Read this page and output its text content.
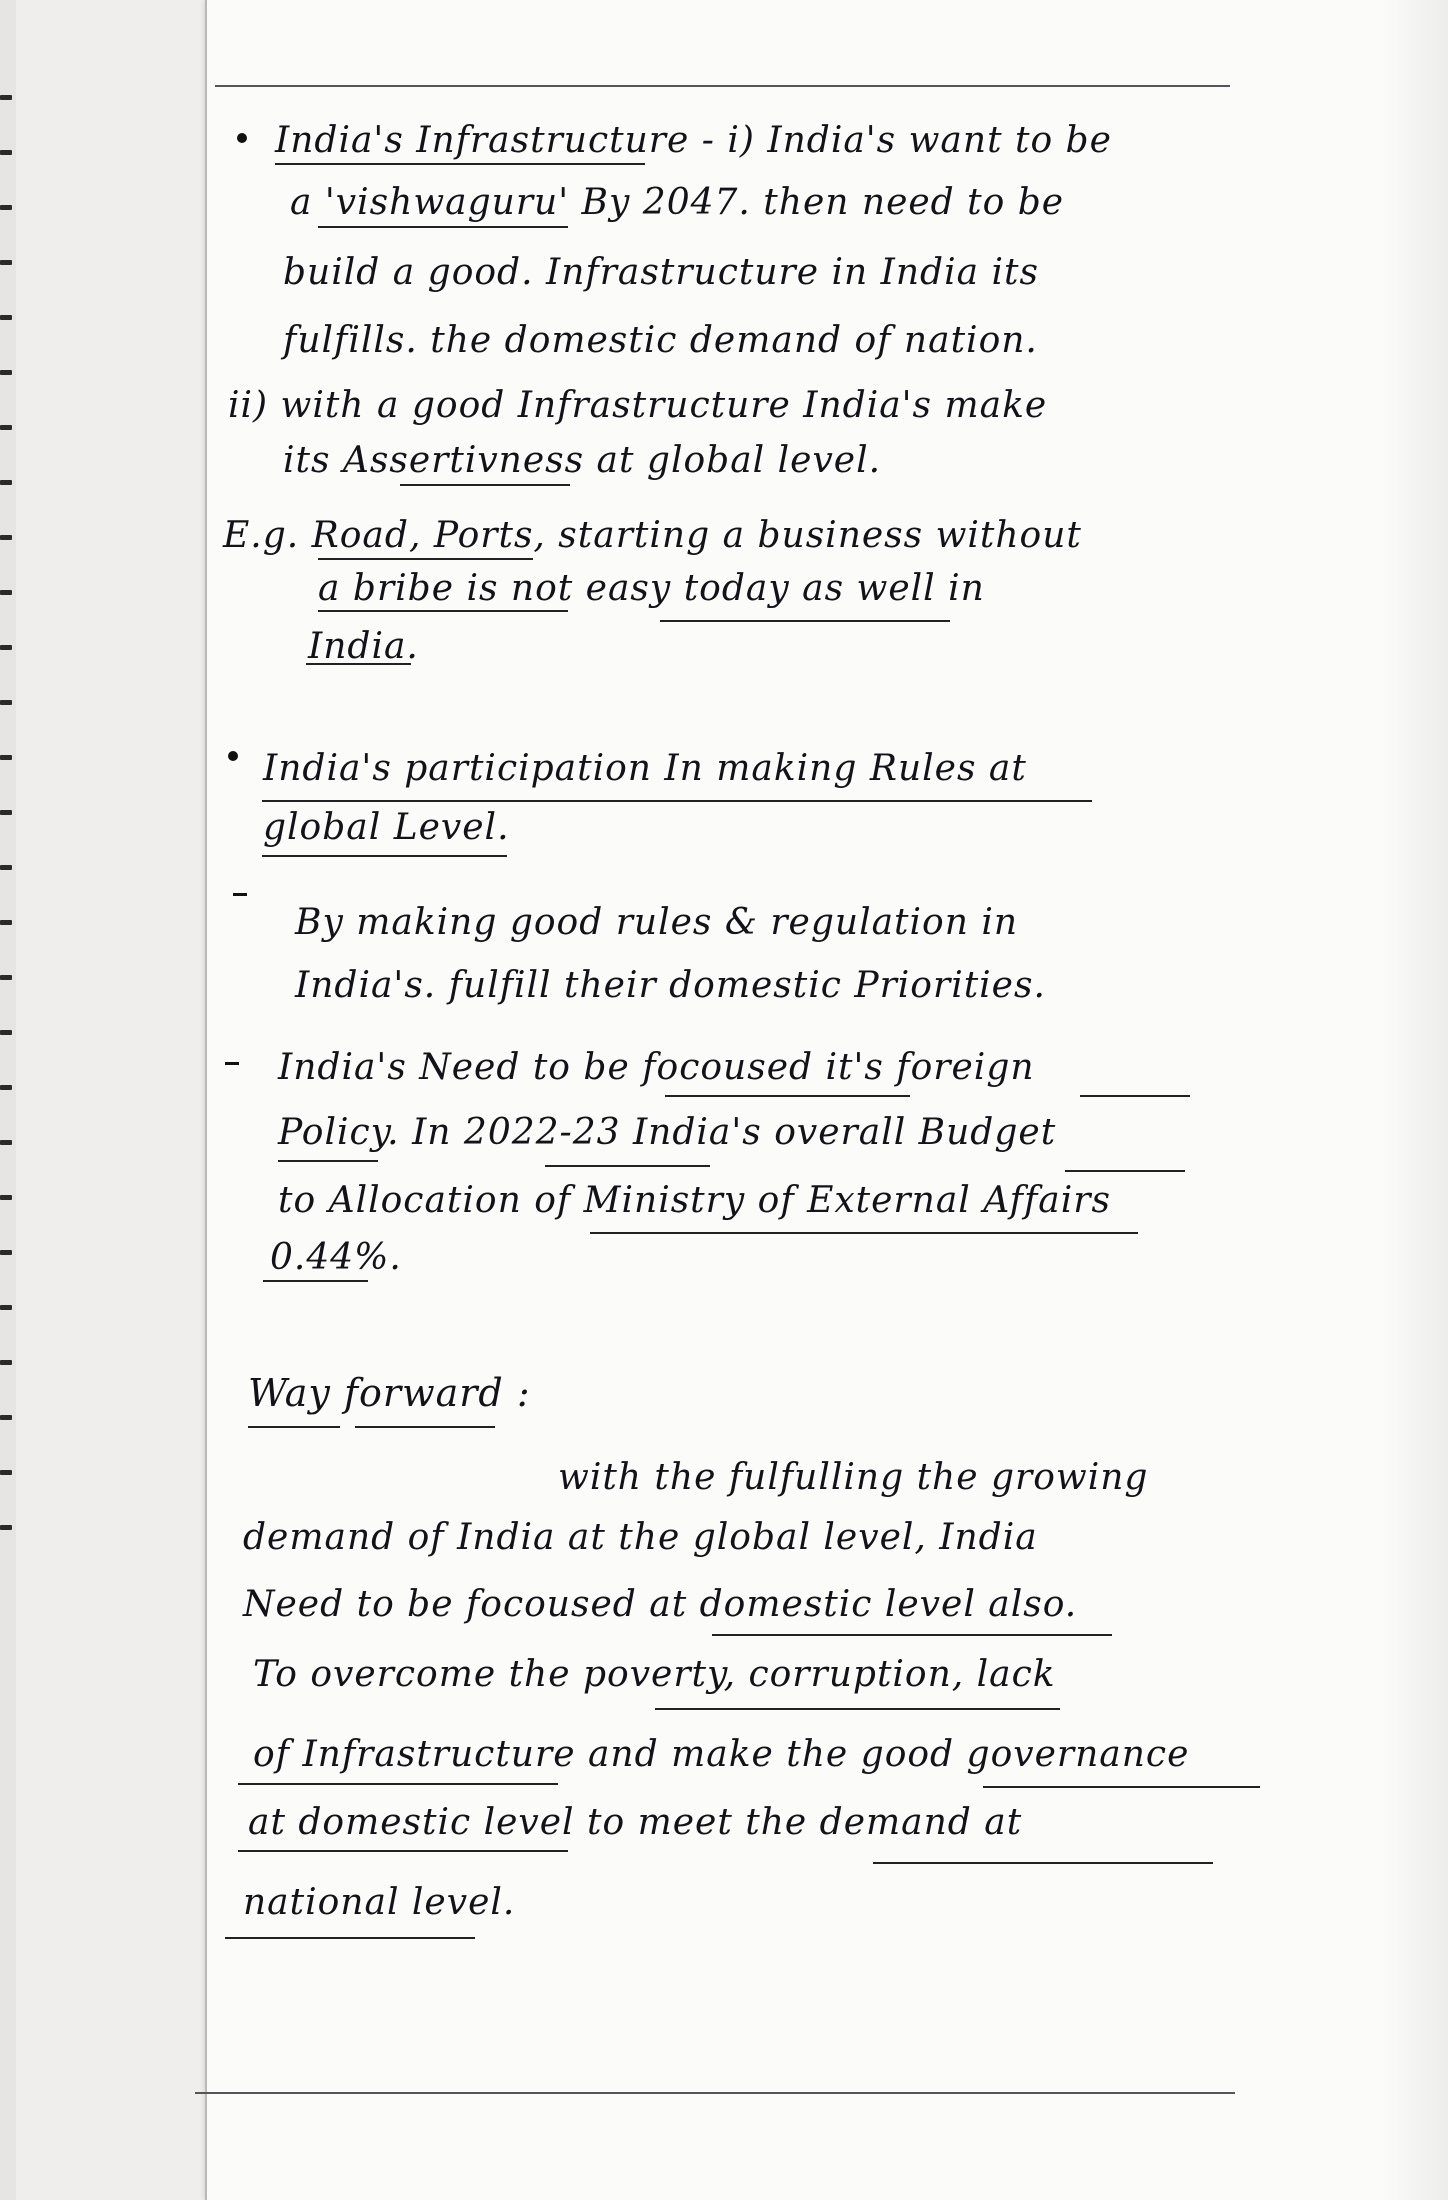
India's Infrastructure - i) India's want to be

a 'vishwaguru' By 2047. then need to be

build a good. Infrastructure in India its

fulfills. the domestic demand of nation.

ii) with a good Infrastructure India's make

its Assertivness at global level.

E.g. Road, Ports, starting a business without

a bribe is not easy today as well in

India.

India's participation In making Rules at

global Level.

By making good rules & regulation in

India's. fulfill their domestic Priorities.

India's Need to be focoused it's foreign

Policy. In 2022-23 India's overall Budget

to Allocation of Ministry of External Affairs

0.44%.

Way forward :

with the fulfulling the growing

demand of India at the global level, India

Need to be focoused at domestic level also.

To overcome the poverty, corruption, lack

of Infrastructure and make the good governance

at domestic level to meet the demand at

national level.
